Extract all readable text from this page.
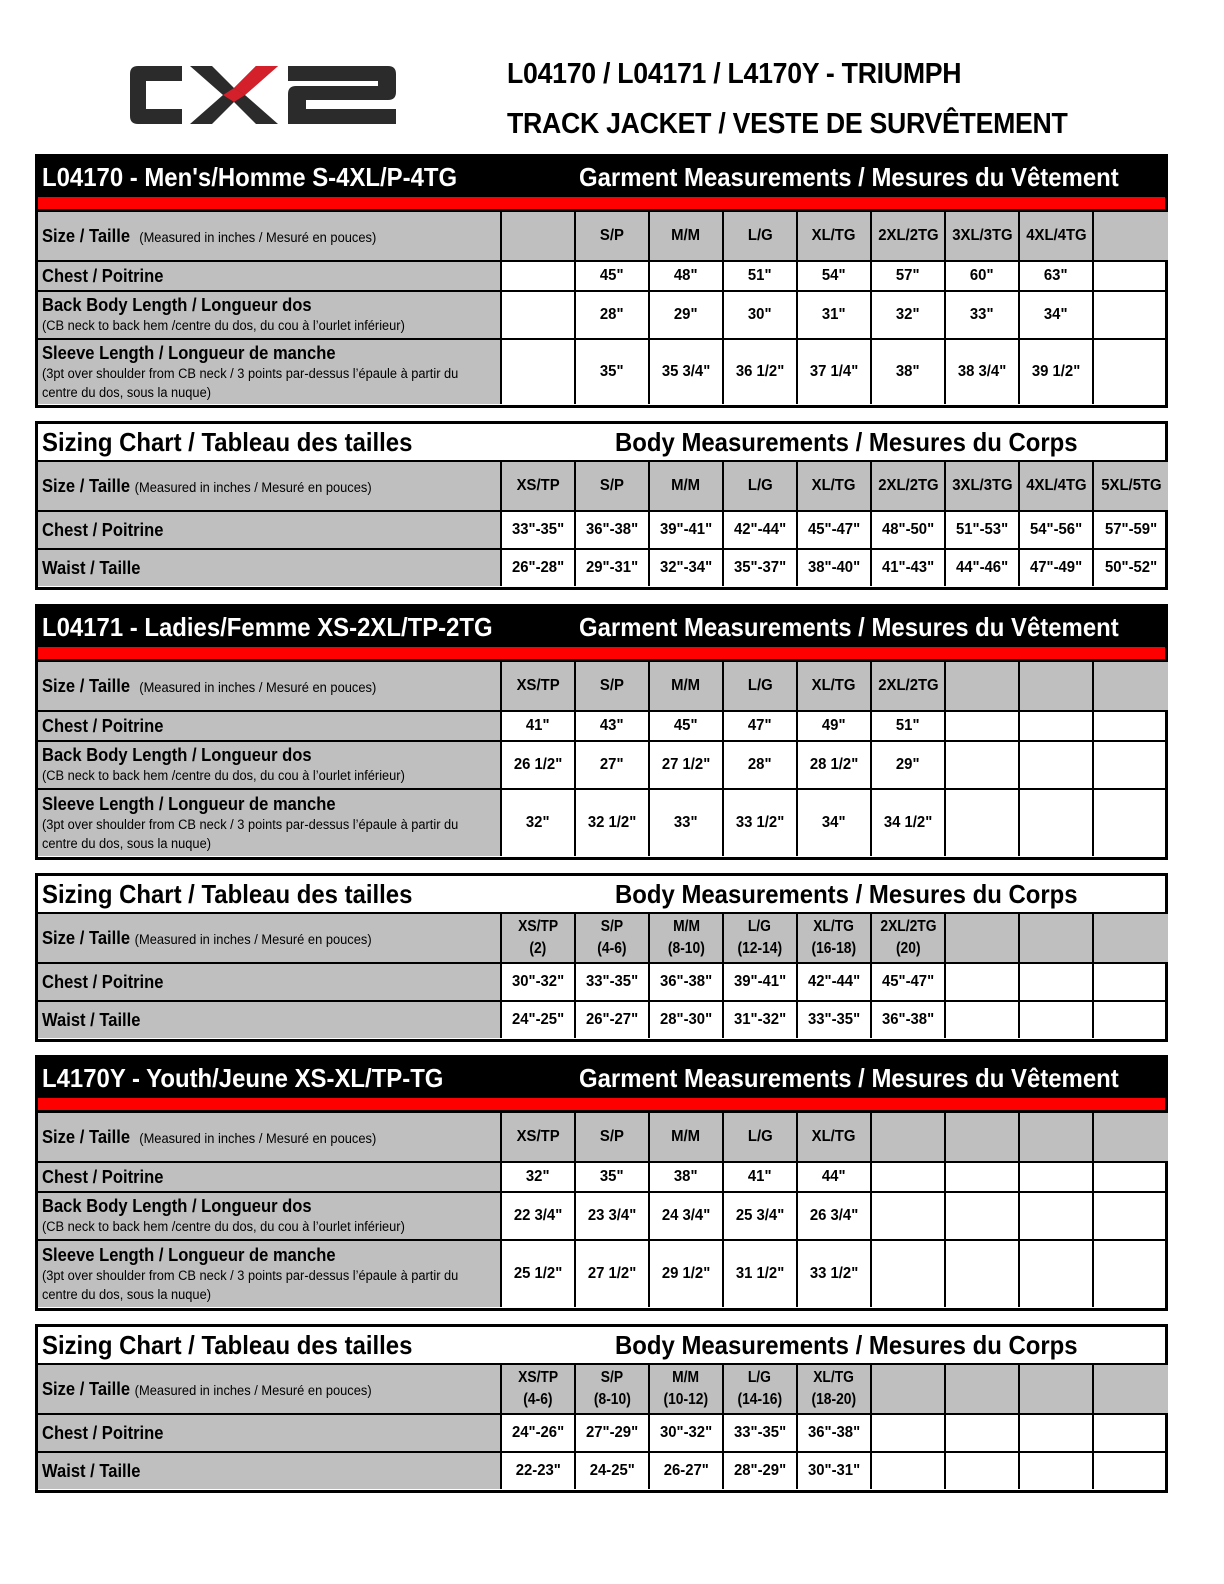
L04170 / L04171 / L4170Y - TRIUMPH
TRACK JACKET / VESTE DE SURVÊTEMENT
L04170 - Men's/Homme S-4XL/P-4TG	Garment Measurements / Mesures du Vêtement
Size / Taille (Measured in inches / Mesuré en pouces)	S/P	M/M	L/G XL/TG 2XL/2TG 3XL/3TG 4XL/4TG
Chest / Poitrine	45"	48"	51"	54"	57"	60"	63"
Back Body Length / Longueur dos
(CB neck to back hem /centre du dos, du cou à l’ourlet inférieur)
28"	29"	30"	31"	32"	33"	34"
Sleeve Length / Longueur de manche
(3pt over shoulder from CB neck / 3 points par-dessus l’épaule à partir du
centre du dos, sous la nuque)
35" 35 3/4" 36 1/2" 37 1/4" 38" 38 3/4" 39 1/2"
Sizing Chart / Tableau des tailles	Body Measurements / Mesures du Corps
Size / Taille (Measured in inches / Mesuré en pouces)	XS/TP	S/P	M/M	L/G XL/TG 2XL/2TG 3XL/3TG 4XL/4TG 5XL/5TG
Chest / Poitrine	33"-35" 36"-38" 39"-41" 42"-44" 45"-47" 48"-50" 51"-53" 54"-56" 57"-59"
Waist / Taille	26"-28" 29"-31" 32"-34" 35"-37" 38"-40" 41"-43" 44"-46" 47"-49" 50"-52"
L04171 - Ladies/Femme XS-2XL/TP-2TG	Garment Measurements / Mesures du Vêtement
Size / Taille (Measured in inches / Mesuré en pouces)	XS/TP	S/P	M/M	L/G XL/TG 2XL/2TG
Chest / Poitrine	41"	43"	45"	47"	49"	51"
Back Body Length / Longueur dos
(CB neck to back hem /centre du dos, du cou à l’ourlet inférieur)
26 1/2" 27" 27 1/2" 28" 28 1/2" 29"
Sleeve Length / Longueur de manche
(3pt over shoulder from CB neck / 3 points par-dessus l’épaule à partir du
centre du dos, sous la nuque)
32" 32 1/2" 33" 33 1/2" 34" 34 1/2"
Sizing Chart / Tableau des tailles	Body Measurements / Mesures du Corps
Size / Taille (Measured in inches / Mesuré en pouces)
XS/TP
(2)
S/P
(4-6)
M/M
(8-10)
L/G
(12-14)
XL/TG
(16-18)
2XL/2TG
(20)
Chest / Poitrine	30"-32" 33"-35" 36"-38" 39"-41" 42"-44" 45"-47"
Waist / Taille	24"-25" 26"-27" 28"-30" 31"-32" 33"-35" 36"-38"
L4170Y - Youth/Jeune XS-XL/TP-TG	Garment Measurements / Mesures du Vêtement
Size / Taille (Measured in inches / Mesuré en pouces)	XS/TP	S/P	M/M	L/G XL/TG
Chest / Poitrine	32"	35"	38"	41"	44"
Back Body Length / Longueur dos
(CB neck to back hem /centre du dos, du cou à l’ourlet inférieur)
22 3/4" 23 3/4" 24 3/4" 25 3/4" 26 3/4"
Sleeve Length / Longueur de manche
(3pt over shoulder from CB neck / 3 points par-dessus l’épaule à partir du
centre du dos, sous la nuque)
25 1/2" 27 1/2" 29 1/2" 31 1/2" 33 1/2"
Sizing Chart / Tableau des tailles	Body Measurements / Mesures du Corps
Size / Taille (Measured in inches / Mesuré en pouces)
XS/TP
(4-6)
S/P
(8-10)
M/M
(10-12)
L/G
(14-16)
XL/TG
(18-20)
Chest / Poitrine	24"-26" 27"-29" 30"-32" 33"-35" 36"-38"
Waist / Taille	22-23" 24-25" 26-27" 28"-29" 30"-31"
